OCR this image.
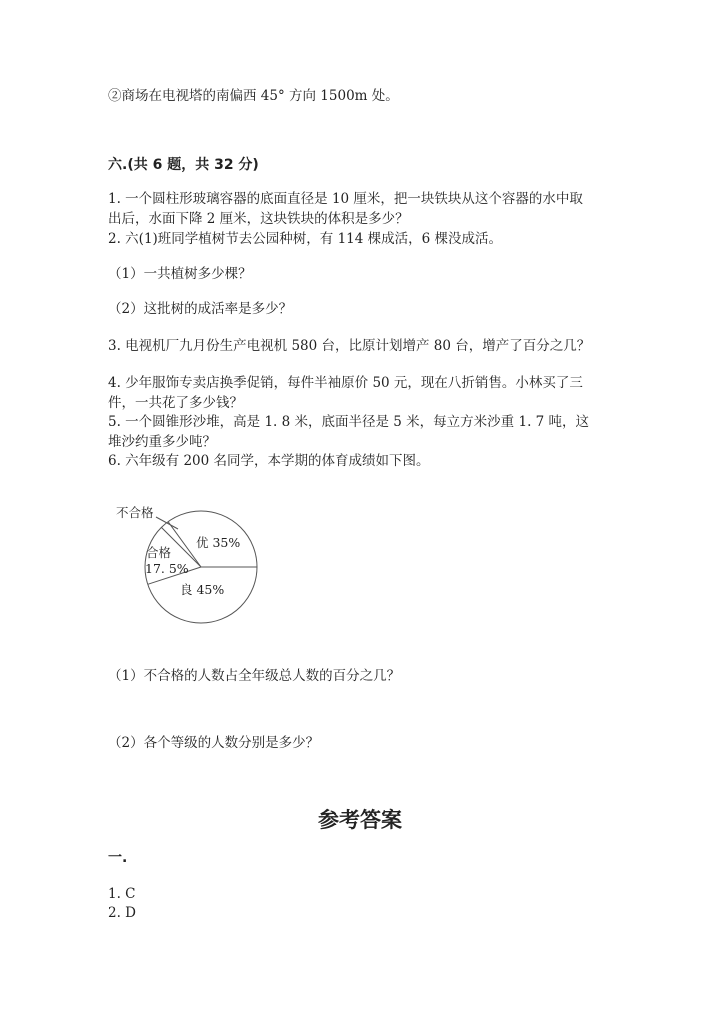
②商场在电视塔的南偏西 45° 方向 1500m 处。
六.(共 6 题，共 32 分)
1. 一个圆柱形玻璃容器的底面直径是 10 厘米，把一块铁块从这个容器的水中取
出后，水面下降 2 厘米，这块铁块的体积是多少？
2. 六(1)班同学植树节去公园种树，有 114 棵成活，6 棵没成活。
（1）一共植树多少棵？
（2）这批树的成活率是多少？
3. 电视机厂九月份生产电视机 580 台，比原计划增产 80 台，增产了百分之几？
4. 少年服饰专卖店换季促销，每件半袖原价 50 元，现在八折销售。小林买了三
件，一共花了多少钱？
5. 一个圆锥形沙堆，高是 1. 8 米，底面半径是 5 米，每立方米沙重 1. 7 吨，这
堆沙约重多少吨？
6. 六年级有 200 名同学，本学期的体育成绩如下图。
不合格
优 35%
合格
17. 5%
良 45%
（1）不合格的人数占全年级总人数的百分之几？
（2）各个等级的人数分别是多少？
参考答案
一.
1. C
2. D
